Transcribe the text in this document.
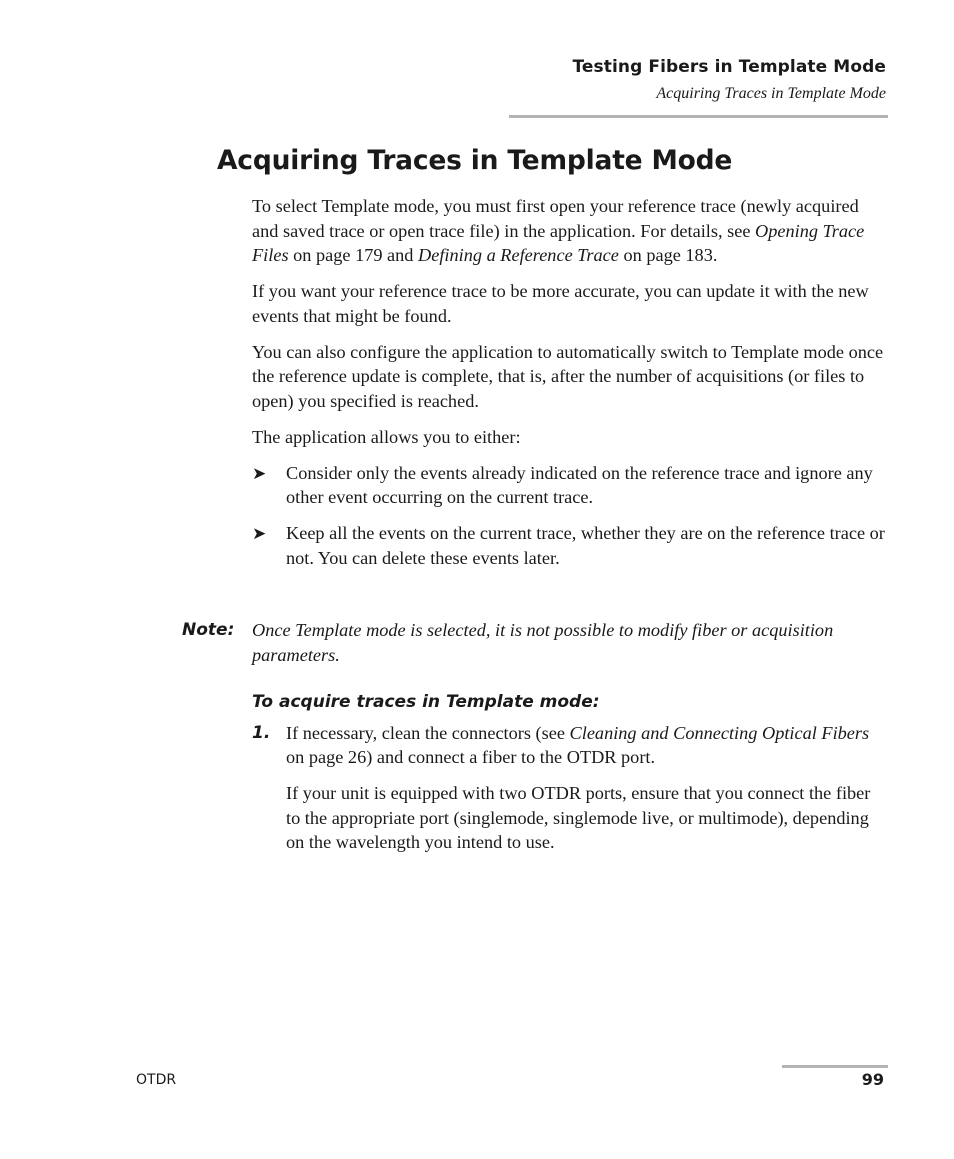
Testing Fibers in Template Mode
Acquiring Traces in Template Mode
Acquiring Traces in Template Mode

To select Template mode, you must first open your reference trace (newly acquired and saved trace or open trace file) in the application. For details, see Opening Trace Files on page 179 and Defining a Reference Trace on page 183.

If you want your reference trace to be more accurate, you can update it with the new events that might be found.

You can also configure the application to automatically switch to Template mode once the reference update is complete, that is, after the number of acquisitions (or files to open) you specified is reached.

The application allows you to either:

➤ Consider only the events already indicated on the reference trace and ignore any other event occurring on the current trace.
➤ Keep all the events on the current trace, whether they are on the reference trace or not. You can delete these events later.
Note: Once Template mode is selected, it is not possible to modify fiber or acquisition parameters.
To acquire traces in Template mode:
1. If necessary, clean the connectors (see Cleaning and Connecting Optical Fibers on page 26) and connect a fiber to the OTDR port.

If your unit is equipped with two OTDR ports, ensure that you connect the fiber to the appropriate port (singlemode, singlemode live, or multimode), depending on the wavelength you intend to use.

OTDR	99
